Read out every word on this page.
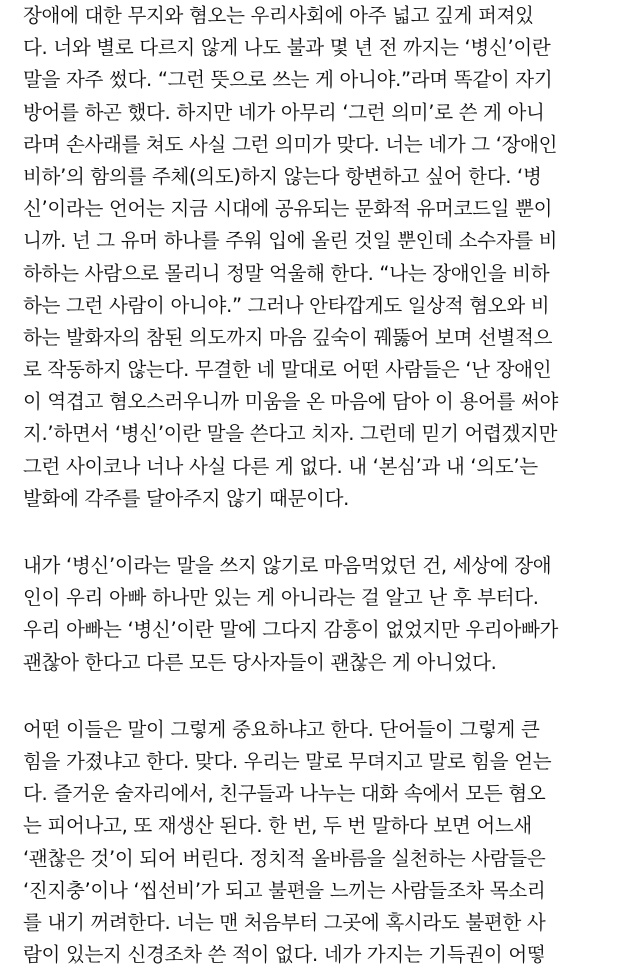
장애에 대한 무지와 혐오는 우리사회에 아주 넓고 깊게 퍼져있
다. 너와 별로 다르지 않게 나도 불과 몇 년 전 까지는 ‘병신’이란
말을 자주 썼다. “그런 뜻으로 쓰는 게 아니야.”라며 똑같이 자기
방어를 하곤 했다. 하지만 네가 아무리 ‘그런 의미’로 쓴 게 아니
라며 손사래를 쳐도 사실 그런 의미가 맞다. 너는 네가 그 ‘장애인
비하’의 함의를 주체(의도)하지 않는다 항변하고 싶어 한다. ‘병
신’이라는 언어는 지금 시대에 공유되는 문화적 유머코드일 뿐이
니까. 넌 그 유머 하나를 주워 입에 올린 것일 뿐인데 소수자를 비
하하는 사람으로 몰리니 정말 억울해 한다. “나는 장애인을 비하
하는 그런 사람이 아니야.” 그러나 안타깝게도 일상적 혐오와 비
하는 발화자의 참된 의도까지 마음 깊숙이 꿰뚫어 보며 선별적으
로 작동하지 않는다. 무결한 네 말대로 어떤 사람들은 ‘난 장애인
이 역겹고 혐오스러우니까 미움을 온 마음에 담아 이 용어를 써야
지.’하면서 ‘병신’이란 말을 쓴다고 치자. 그런데 믿기 어렵겠지만
그런 사이코나 너나 사실 다른 게 없다. 내 ‘본심’과 내 ‘의도’는
발화에 각주를 달아주지 않기 때문이다.
내가 ‘병신’이라는 말을 쓰지 않기로 마음먹었던 건, 세상에 장애
인이 우리 아빠 하나만 있는 게 아니라는 걸 알고 난 후 부터다.
우리 아빠는 ‘병신’이란 말에 그다지 감흥이 없었지만 우리아빠가
괜찮아 한다고 다른 모든 당사자들이 괜찮은 게 아니었다.
어떤 이들은 말이 그렇게 중요하냐고 한다. 단어들이 그렇게 큰
힘을 가졌냐고 한다. 맞다. 우리는 말로 무뎌지고 말로 힘을 얻는
다. 즐거운 술자리에서, 친구들과 나누는 대화 속에서 모든 혐오
는 피어나고, 또 재생산 된다. 한 번, 두 번 말하다 보면 어느새
‘괜찮은 것’이 되어 버린다. 정치적 올바름을 실천하는 사람들은
‘진지충’이나 ‘씹선비’가 되고 불편을 느끼는 사람들조차 목소리
를 내기 꺼려한다. 너는 맨 처음부터 그곳에 혹시라도 불편한 사
람이 있는지 신경조차 쓴 적이 없다. 네가 가지는 기득권이 어떻
